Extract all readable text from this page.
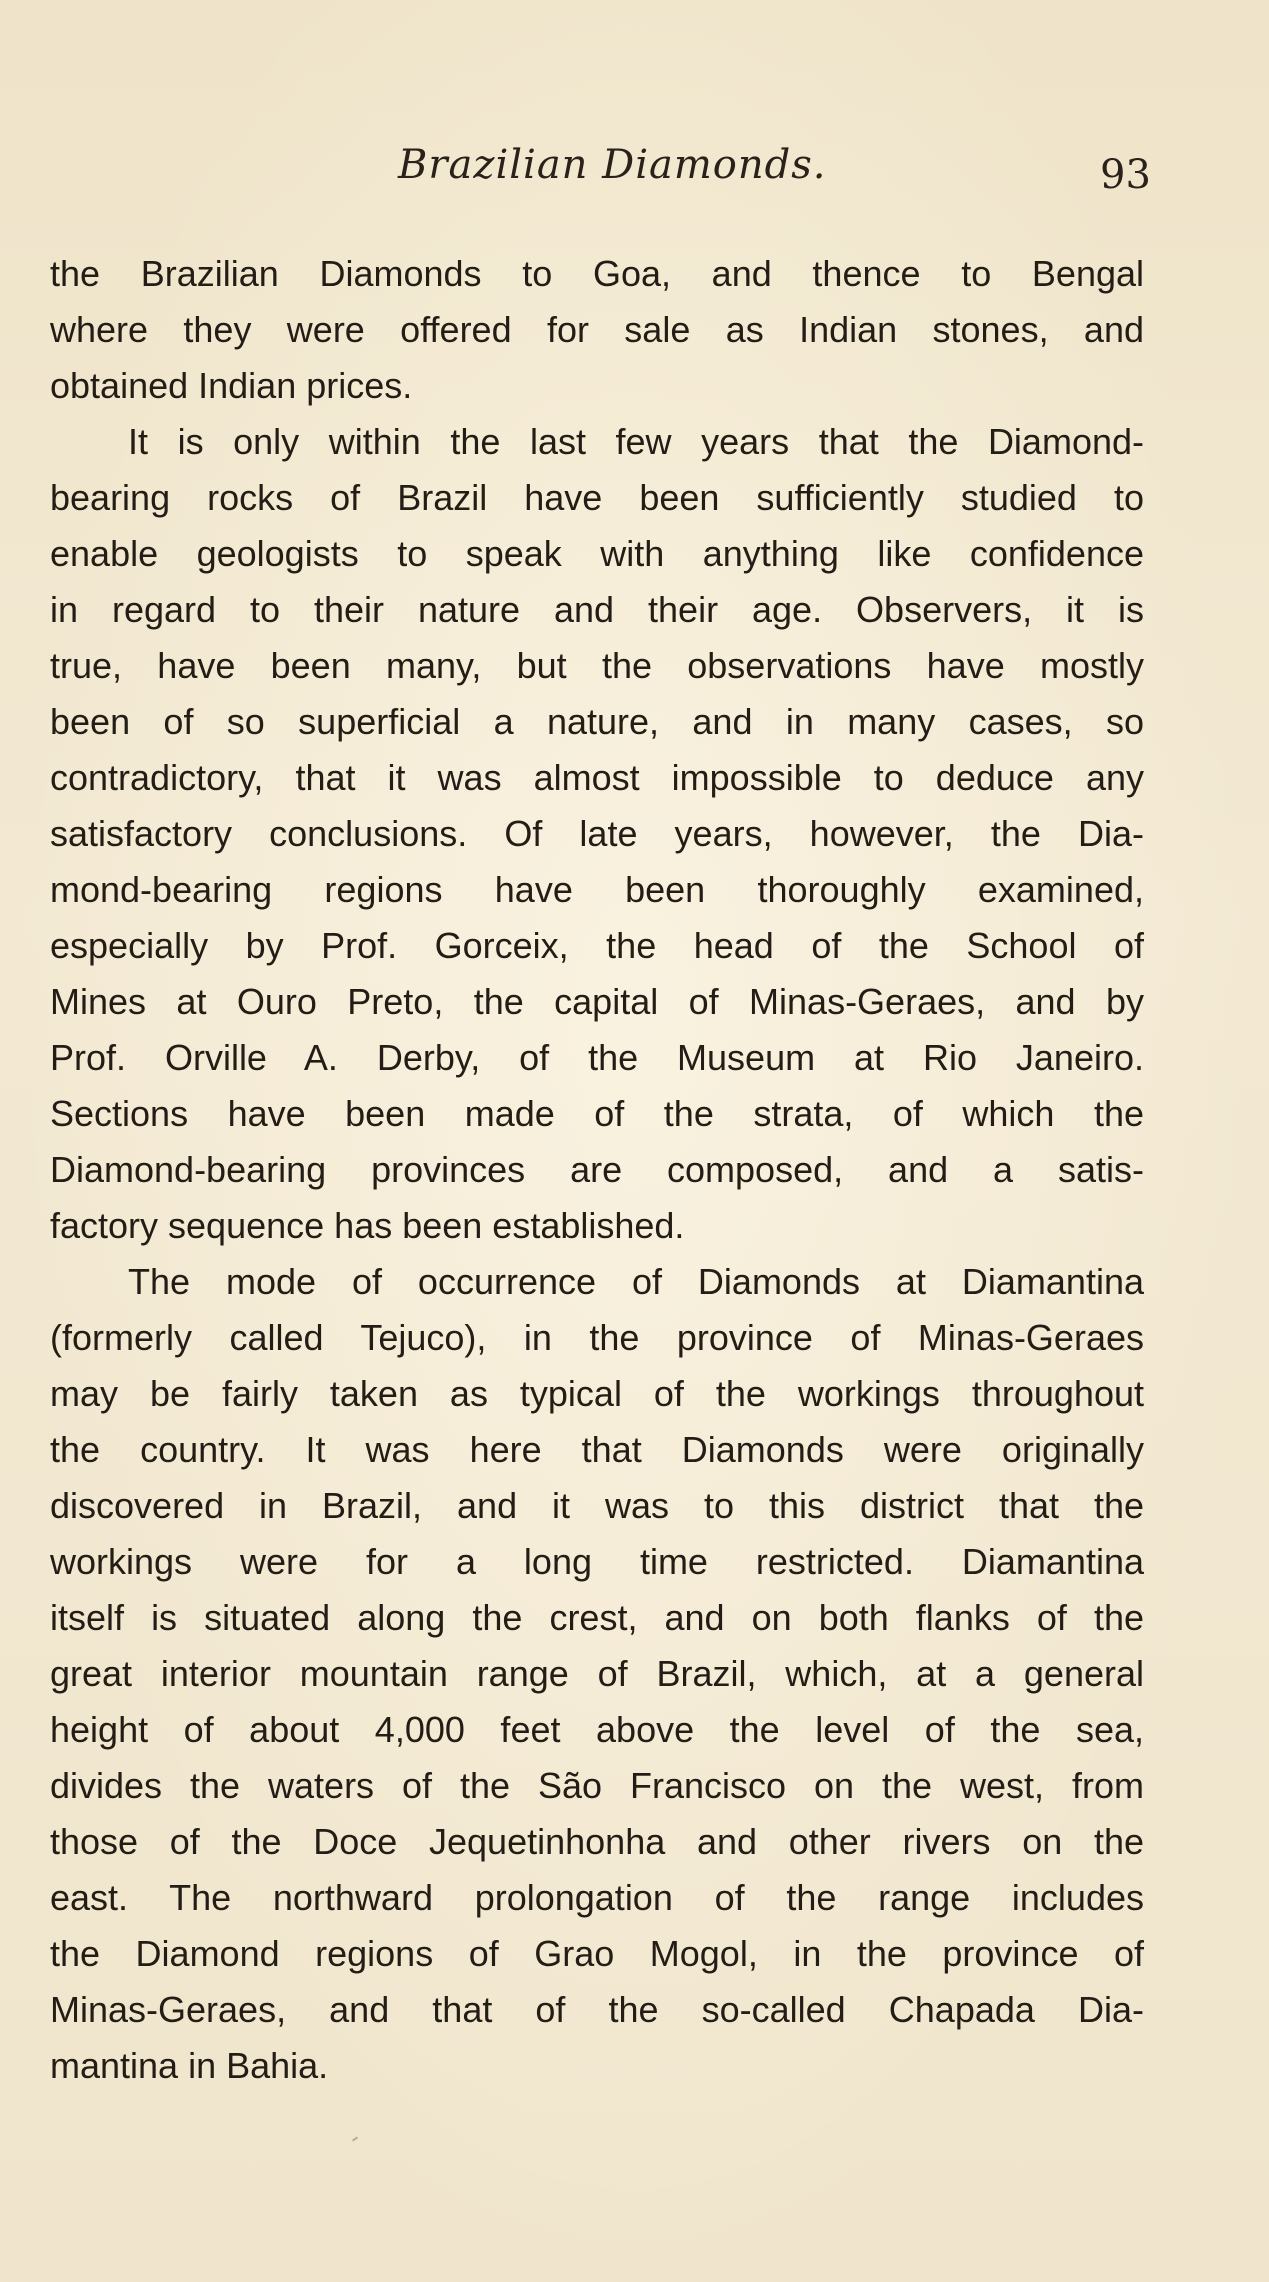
Brazilian Diamonds.	93
the Brazilian Diamonds to Goa, and thence to Bengal
where they were offered for sale as Indian stones, and
obtained Indian prices.
It is only within the last few years that the Diamond-
bearing rocks of Brazil have been sufficiently studied to
enable geologists to speak with anything like confidence
in regard to their nature and their age. Observers, it is
true, have been many, but the observations have mostly
been of so superficial a nature, and in many cases, so
contradictory, that it was almost impossible to deduce any
satisfactory conclusions. Of late years, however, the Dia-
mond-bearing regions have been thoroughly examined,
especially by Prof. Gorceix, the head of the School of
Mines at Ouro Preto, the capital of Minas-Geraes, and by
Prof. Orville A. Derby, of the Museum at Rio Janeiro.
Sections have been made of the strata, of which the
Diamond-bearing provinces are composed, and a satis-
factory sequence has been established.
The mode of occurrence of Diamonds at Diamantina
(formerly called Tejuco), in the province of Minas-Geraes
may be fairly taken as typical of the workings throughout
the country. It was here that Diamonds were originally
discovered in Brazil, and it was to this district that the
workings were for a long time restricted. Diamantina
itself is situated along the crest, and on both flanks of the
great interior mountain range of Brazil, which, at a general
height of about 4,000 feet above the level of the sea,
divides the waters of the São Francisco on the west, from
those of the Doce Jequetinhonha and other rivers on the
east. The northward prolongation of the range includes
the Diamond regions of Grao Mogol, in the province of
Minas-Geraes, and that of the so-called Chapada Dia-
mantina in Bahia.
